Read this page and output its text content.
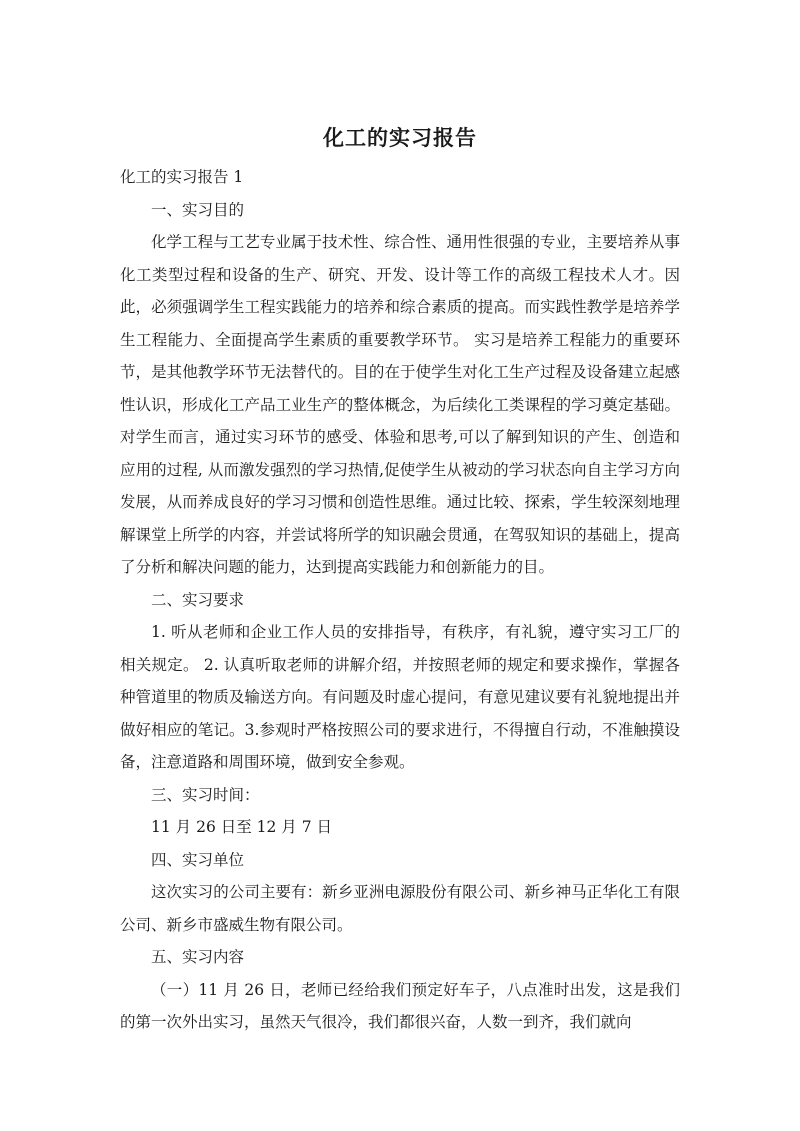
化工的实习报告

化工的实习报告 1

一、实习目的

化学工程与工艺专业属于技术性、综合性、通用性很强的专业，主要培养从事化工类型过程和设备的生产、研究、开发、设计等工作的高级工程技术人才。因此，必须强调学生工程实践能力的培养和综合素质的提高。而实践性教学是培养学生工程能力、全面提高学生素质的重要教学环节。 实习是培养工程能力的重要环节，是其他教学环节无法替代的。目的在于使学生对化工生产过程及设备建立起感性认识，形成化工产品工业生产的整体概念，为后续化工类课程的学习奠定基础。 对学生而言，通过实习环节的感受、体验和思考,可以了解到知识的产生、创造和应用的过程, 从而激发强烈的学习热情,促使学生从被动的学习状态向自主学习方向发展，从而养成良好的学习习惯和创造性思维。通过比较、探索，学生较深刻地理解课堂上所学的内容，并尝试将所学的知识融会贯通，在驾驭知识的基础上，提高了分析和解决问题的能力，达到提高实践能力和创新能力的目。

二、实习要求

1. 听从老师和企业工作人员的安排指导，有秩序，有礼貌，遵守实习工厂的相关规定。 2. 认真听取老师的讲解介绍，并按照老师的规定和要求操作，掌握各种管道里的物质及输送方向。有问题及时虚心提问，有意见建议要有礼貌地提出并做好相应的笔记。3.参观时严格按照公司的要求进行，不得擅自行动，不准触摸设备，注意道路和周围环境，做到安全参观。

三、实习时间：

11 月 26 日至 12 月 7 日

四、实习单位

这次实习的公司主要有：新乡亚洲电源股份有限公司、新乡神马正华化工有限公司、新乡市盛威生物有限公司。

五、实习内容

（一）11 月 26 日，老师已经给我们预定好车子，八点准时出发，这是我们的第一次外出实习，虽然天气很冷，我们都很兴奋，人数一到齐，我们就向
